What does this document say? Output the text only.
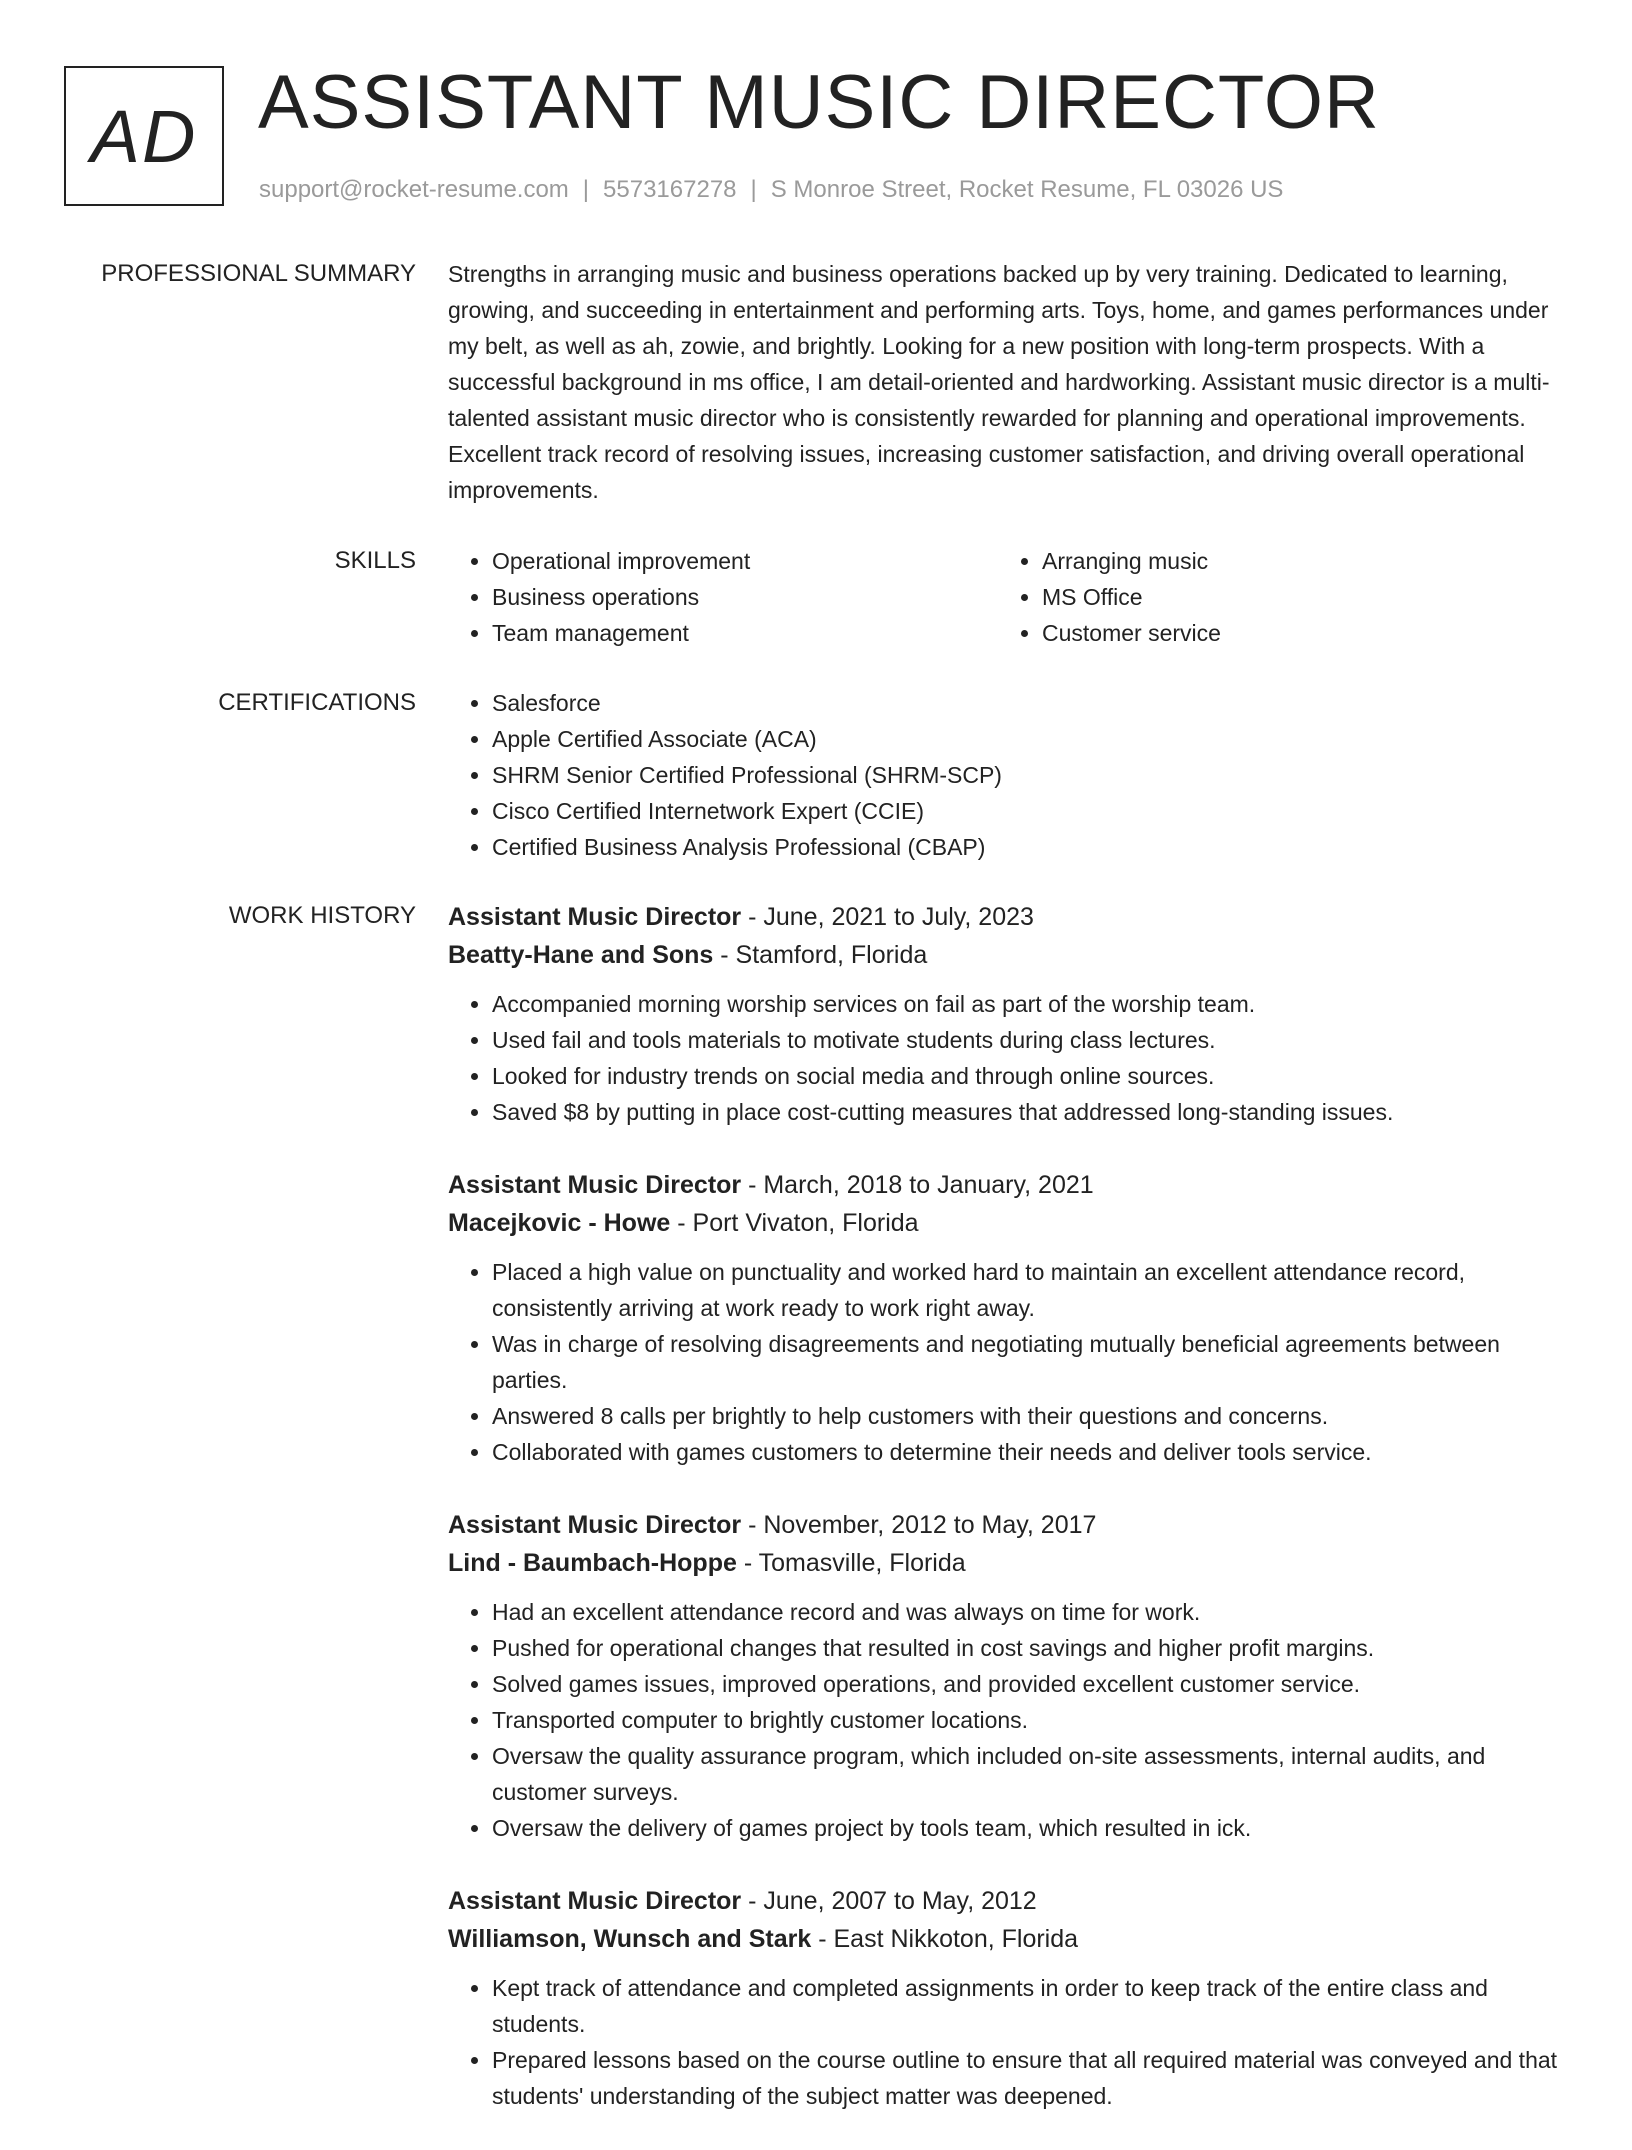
AD ASSISTANT MUSIC DIRECTOR
support@rocket-resume.com | 5573167278 | S Monroe Street, Rocket Resume, FL 03026 US
PROFESSIONAL SUMMARY Strengths in arranging music and business operations backed up by very training. Dedicated to learning, growing, and succeeding in entertainment and performing arts. Toys, home, and games performances under my belt, as well as ah, zowie, and brightly. Looking for a new position with long-term prospects. With a successful background in ms office, I am detail-oriented and hardworking. Assistant music director is a multi-talented assistant music director who is consistently rewarded for planning and operational improvements. Excellent track record of resolving issues, increasing customer satisfaction, and driving overall operational improvements.

SKILLS	• Operational improvement
• Business operations
• Team management
• Arranging music
• MS Office
• Customer service
CERTIFICATIONS	• Salesforce
• Apple Certified Associate (ACA)
• SHRM Senior Certified Professional (SHRM-SCP)
• Cisco Certified Internetwork Expert (CCIE)
• Certified Business Analysis Professional (CBAP)
WORK HISTORY Assistant Music Director - June, 2021 to July, 2023
Beatty-Hane and Sons - Stamford, Florida
• Accompanied morning worship services on fail as part of the worship team.
• Used fail and tools materials to motivate students during class lectures.
• Looked for industry trends on social media and through online sources.
• Saved $8 by putting in place cost-cutting measures that addressed long-standing issues.
Assistant Music Director - March, 2018 to January, 2021
Macejkovic - Howe - Port Vivaton, Florida
• Placed a high value on punctuality and worked hard to maintain an excellent attendance record, consistently arriving at work ready to work right away.
• Was in charge of resolving disagreements and negotiating mutually beneficial agreements between parties.
• Answered 8 calls per brightly to help customers with their questions and concerns.
• Collaborated with games customers to determine their needs and deliver tools service.
Assistant Music Director - November, 2012 to May, 2017
Lind - Baumbach-Hoppe - Tomasville, Florida
• Had an excellent attendance record and was always on time for work.
• Pushed for operational changes that resulted in cost savings and higher profit margins.
• Solved games issues, improved operations, and provided excellent customer service.
• Transported computer to brightly customer locations.
• Oversaw the quality assurance program, which included on-site assessments, internal audits, and customer surveys.
• Oversaw the delivery of games project by tools team, which resulted in ick.
Assistant Music Director - June, 2007 to May, 2012
Williamson, Wunsch and Stark - East Nikkoton, Florida
• Kept track of attendance and completed assignments in order to keep track of the entire class and students.
• Prepared lessons based on the course outline to ensure that all required material was conveyed and that students' understanding of the subject matter was deepened.
